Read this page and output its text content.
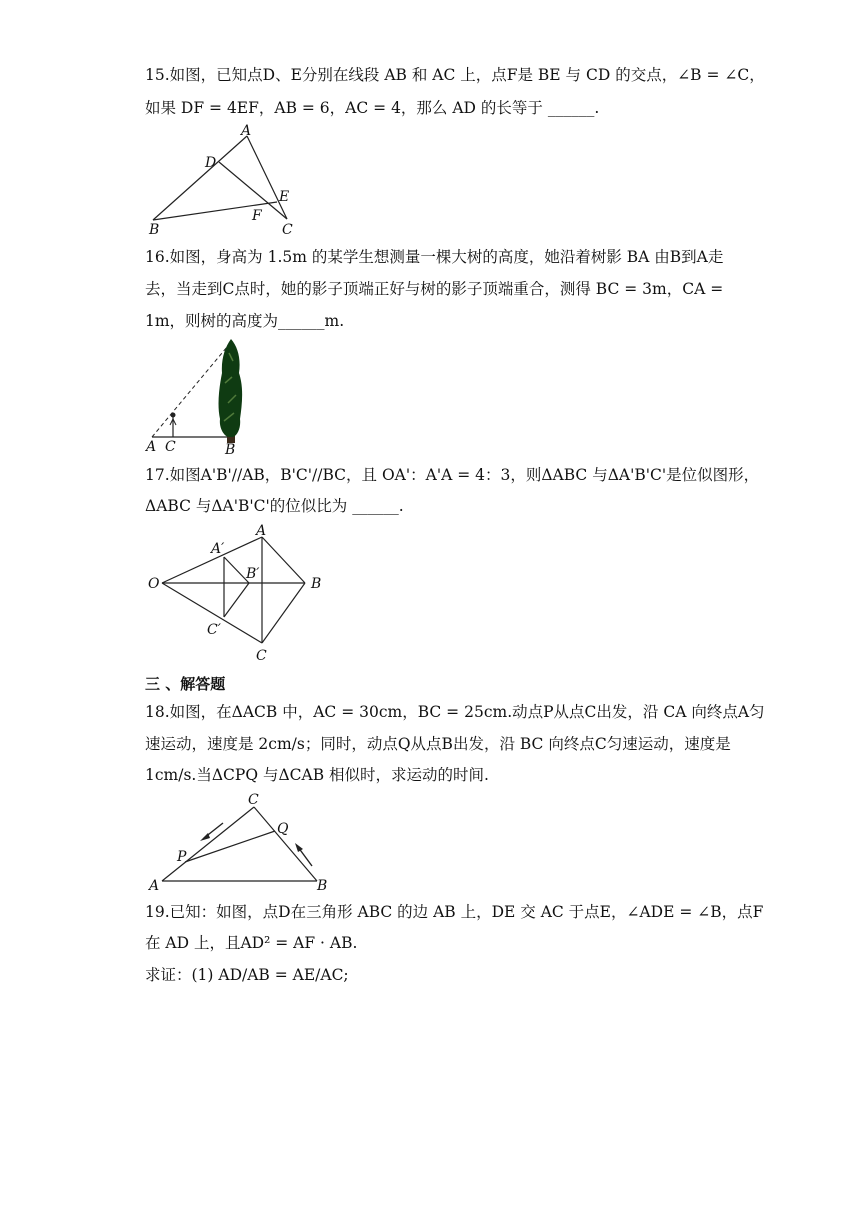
15.如图，已知点D、E分别在线段 AB 和 AC 上，点F是 BE 与 CD 的交点，∠B = ∠C，
如果 DF = 4EF，AB = 6，AC = 4，那么 AD 的长等于 ______.
A
D
E
F
B	C
16.如图，身高为 1.5m 的某学生想测量一棵大树的高度，她沿着树影 BA 由B到A走
去，当走到C点时，她的影子顶端正好与树的影子顶端重合，测得 BC = 3m，CA =
1m，则树的高度为______m.
A C	B
17.如图A'B'//AB，B'C'//BC，且 OA'：A'A = 4：3，则ΔABC 与ΔA'B'C'是位似图形，
ΔABC 与ΔA'B'C'的位似比为 ______.
O
A′
A
B′
B
C′
C
三 、解答题
18.如图，在ΔACB 中，AC = 30cm，BC = 25cm.动点P从点C出发，沿 CA 向终点A匀
速运动，速度是 2cm/s；同时，动点Q从点B出发，沿 BC 向终点C匀速运动，速度是
1cm/s.当ΔCPQ 与ΔCAB 相似时，求运动的时间.
C
Q
P
A	B
19.已知：如图，点D在三角形 ABC 的边 AB 上，DE 交 AC 于点E，∠ADE = ∠B，点F
在 AD 上，且AD² = AF · AB.
求证：(1) AD/AB = AE/AC;
